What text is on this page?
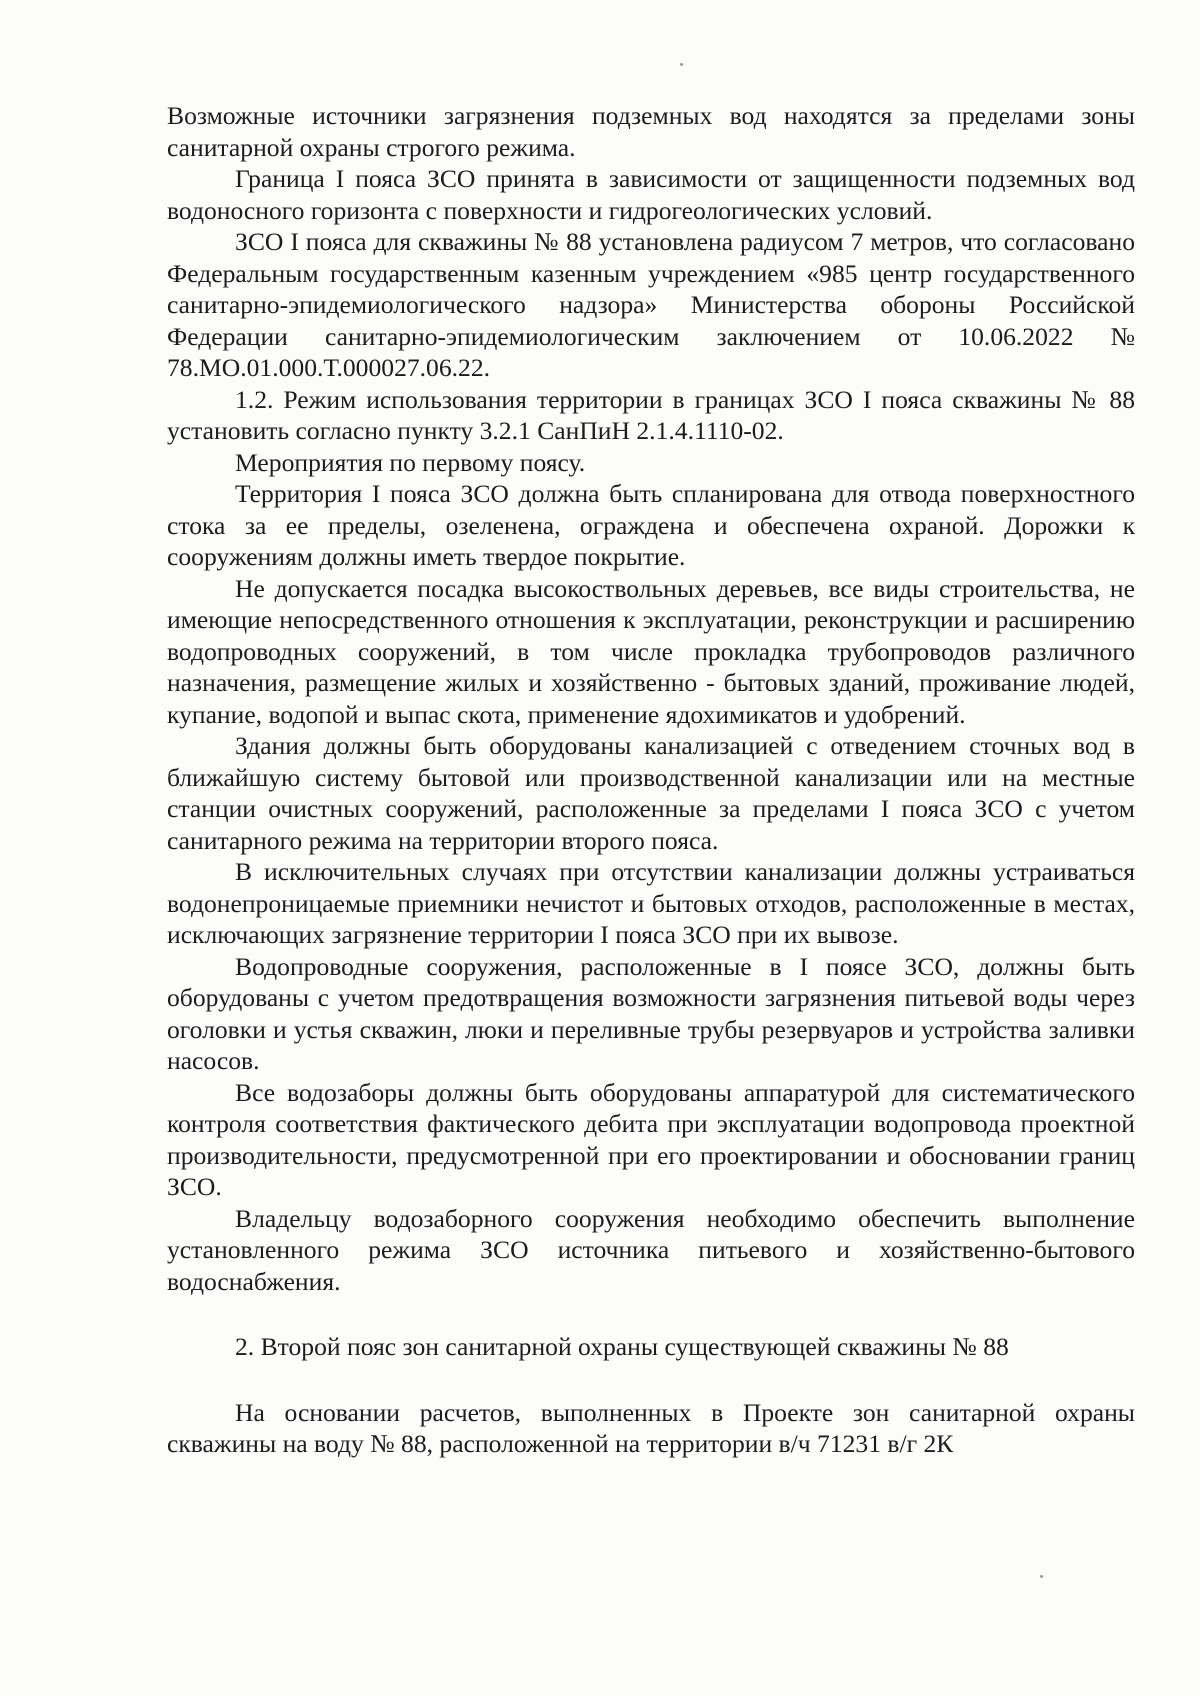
Возможные источники загрязнения подземных вод находятся за пределами зоны санитарной охраны строгого режима.

Граница I пояса ЗСО принята в зависимости от защищенности подземных вод водоносного горизонта с поверхности и гидрогеологических условий.

ЗСО I пояса для скважины № 88 установлена радиусом 7 метров, что согласовано Федеральным государственным казенным учреждением «985 центр государственного санитарно-эпидемиологического надзора» Министерства обороны Российской Федерации санитарно-эпидемиологическим заключением от 10.06.2022 № 78.МО.01.000.Т.000027.06.22.

1.2. Режим использования территории в границах ЗСО I пояса скважины № 88 установить согласно пункту 3.2.1 СанПиН 2.1.4.1110-02.

Мероприятия по первому поясу.

Территория I пояса ЗСО должна быть спланирована для отвода поверхностного стока за ее пределы, озеленена, ограждена и обеспечена охраной. Дорожки к сооружениям должны иметь твердое покрытие.

Не допускается посадка высокоствольных деревьев, все виды строительства, не имеющие непосредственного отношения к эксплуатации, реконструкции и расширению водопроводных сооружений, в том числе прокладка трубопроводов различного назначения, размещение жилых и хозяйственно - бытовых зданий, проживание людей, купание, водопой и выпас скота, применение ядохимикатов и удобрений.

Здания должны быть оборудованы канализацией с отведением сточных вод в ближайшую систему бытовой или производственной канализации или на местные станции очистных сооружений, расположенные за пределами I пояса ЗСО с учетом санитарного режима на территории второго пояса.

В исключительных случаях при отсутствии канализации должны устраиваться водонепроницаемые приемники нечистот и бытовых отходов, расположенные в местах, исключающих загрязнение территории I пояса ЗСО при их вывозе.

Водопроводные сооружения, расположенные в I поясе ЗСО, должны быть оборудованы с учетом предотвращения возможности загрязнения питьевой воды через оголовки и устья скважин, люки и переливные трубы резервуаров и устройства заливки насосов.

Все водозаборы должны быть оборудованы аппаратурой для систематического контроля соответствия фактического дебита при эксплуатации водопровода проектной производительности, предусмотренной при его проектировании и обосновании границ ЗСО.

Владельцу водозаборного сооружения необходимо обеспечить выполнение установленного режима ЗСО источника питьевого и хозяйственно-бытового водоснабжения.

2. Второй пояс зон санитарной охраны существующей скважины № 88

На основании расчетов, выполненных в Проекте зон санитарной охраны скважины на воду № 88, расположенной на территории в/ч 71231 в/г 2К
